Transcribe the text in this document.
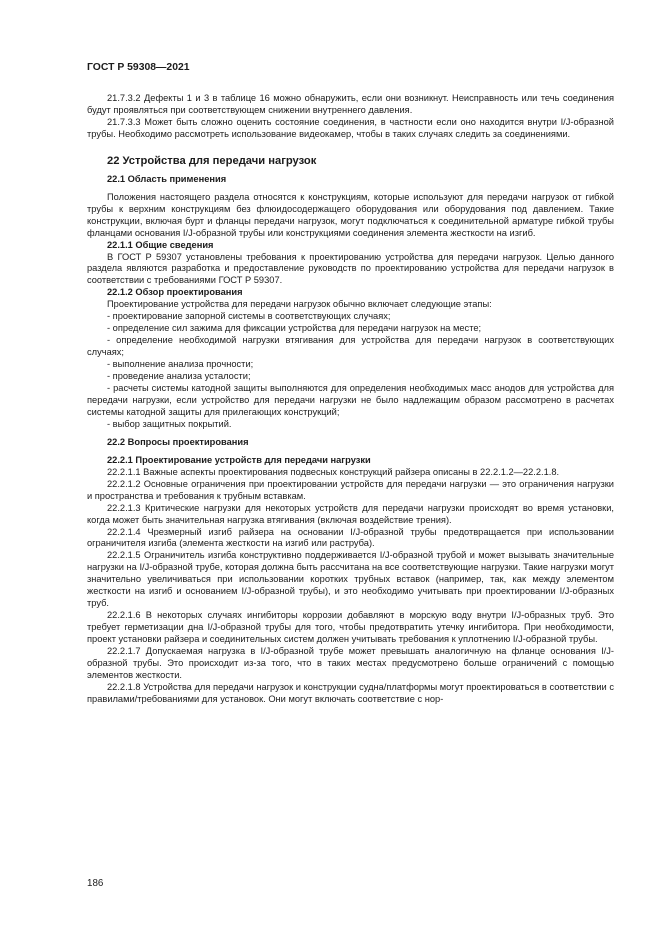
ГОСТ Р 59308—2021

21.7.3.2 Дефекты 1 и 3 в таблице 16 можно обнаружить, если они возникнут. Неисправность или течь соединения будут проявляться при соответствующем снижении внутреннего давления.

21.7.3.3 Может быть сложно оценить состояние соединения, в частности если оно находится внутри I/J-образной трубы. Необходимо рассмотреть использование видеокамер, чтобы в таких случаях следить за соединениями.

22 Устройства для передачи нагрузок

22.1 Область применения

Положения настоящего раздела относятся к конструкциям, которые используют для передачи нагрузок от гибкой трубы к верхним конструкциям без флюидосодержащего оборудования или оборудования под давлением. Такие конструкции, включая бурт и фланцы передачи нагрузок, могут подключаться к соединительной арматуре гибкой трубы фланцами основания I/J-образной трубы или конструкциями соединения элемента жесткости на изгиб.

22.1.1 Общие сведения

В ГОСТ Р 59307 установлены требования к проектированию устройства для передачи нагрузок. Целью данного раздела являются разработка и предоставление руководств по проектированию устройства для передачи нагрузок в соответствии с требованиями ГОСТ Р 59307.

22.1.2 Обзор проектирования

Проектирование устройства для передачи нагрузок обычно включает следующие этапы:

- проектирование запорной системы в соответствующих случаях;

- определение сил зажима для фиксации устройства для передачи нагрузок на месте;

- определение необходимой нагрузки втягивания для устройства для передачи нагрузок в соответствующих случаях;

- выполнение анализа прочности;

- проведение анализа усталости;

- расчеты системы катодной защиты выполняются для определения необходимых масс анодов для устройства для передачи нагрузки, если устройство для передачи нагрузки не было надлежащим образом рассмотрено в расчетах системы катодной защиты для прилегающих конструкций;

- выбор защитных покрытий.

22.2 Вопросы проектирования

22.2.1 Проектирование устройств для передачи нагрузки

22.2.1.1 Важные аспекты проектирования подвесных конструкций райзера описаны в 22.2.1.2—22.2.1.8.

22.2.1.2 Основные ограничения при проектировании устройств для передачи нагрузки — это ограничения нагрузки и пространства и требования к трубным вставкам.

22.2.1.3 Критические нагрузки для некоторых устройств для передачи нагрузки происходят во время установки, когда может быть значительная нагрузка втягивания (включая воздействие трения).

22.2.1.4 Чрезмерный изгиб райзера на основании I/J-образной трубы предотвращается при использовании ограничителя изгиба (элемента жесткости на изгиб или раструба).

22.2.1.5 Ограничитель изгиба конструктивно поддерживается I/J-образной трубой и может вызывать значительные нагрузки на I/J-образной трубе, которая должна быть рассчитана на все соответствующие нагрузки. Такие нагрузки могут значительно увеличиваться при использовании коротких трубных вставок (например, так, как между элементом жесткости на изгиб и основанием I/J-образной трубы), и это необходимо учитывать при проектировании I/J-образных труб.

22.2.1.6 В некоторых случаях ингибиторы коррозии добавляют в морскую воду внутри I/J-образных труб. Это требует герметизации дна I/J-образной трубы для того, чтобы предотвратить утечку ингибитора. При необходимости, проект установки райзера и соединительных систем должен учитывать требования к уплотнению I/J-образной трубы.

22.2.1.7 Допускаемая нагрузка в I/J-образной трубе может превышать аналогичную на фланце основания I/J-образной трубы. Это происходит из-за того, что в таких местах предусмотрено больше ограничений с помощью элементов жесткости.

22.2.1.8 Устройства для передачи нагрузок и конструкции судна/платформы могут проектироваться в соответствии с правилами/требованиями для установок. Они могут включать соответствие с нор-

186
